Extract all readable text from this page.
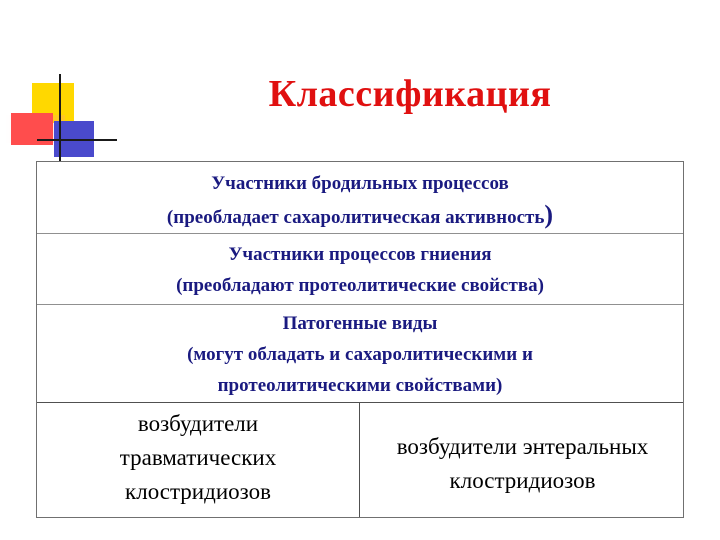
Классификация
Участники бродильных процессов
(преобладает сахаролитическая активность)
Участники процессов гниения
(преобладают протеолитические свойства)
Патогенные виды
(могут обладать и сахаролитическими и
протеолитическими свойствами)
возбудители
травматических
клостридиозов
возбудители энтеральных
клостридиозов
